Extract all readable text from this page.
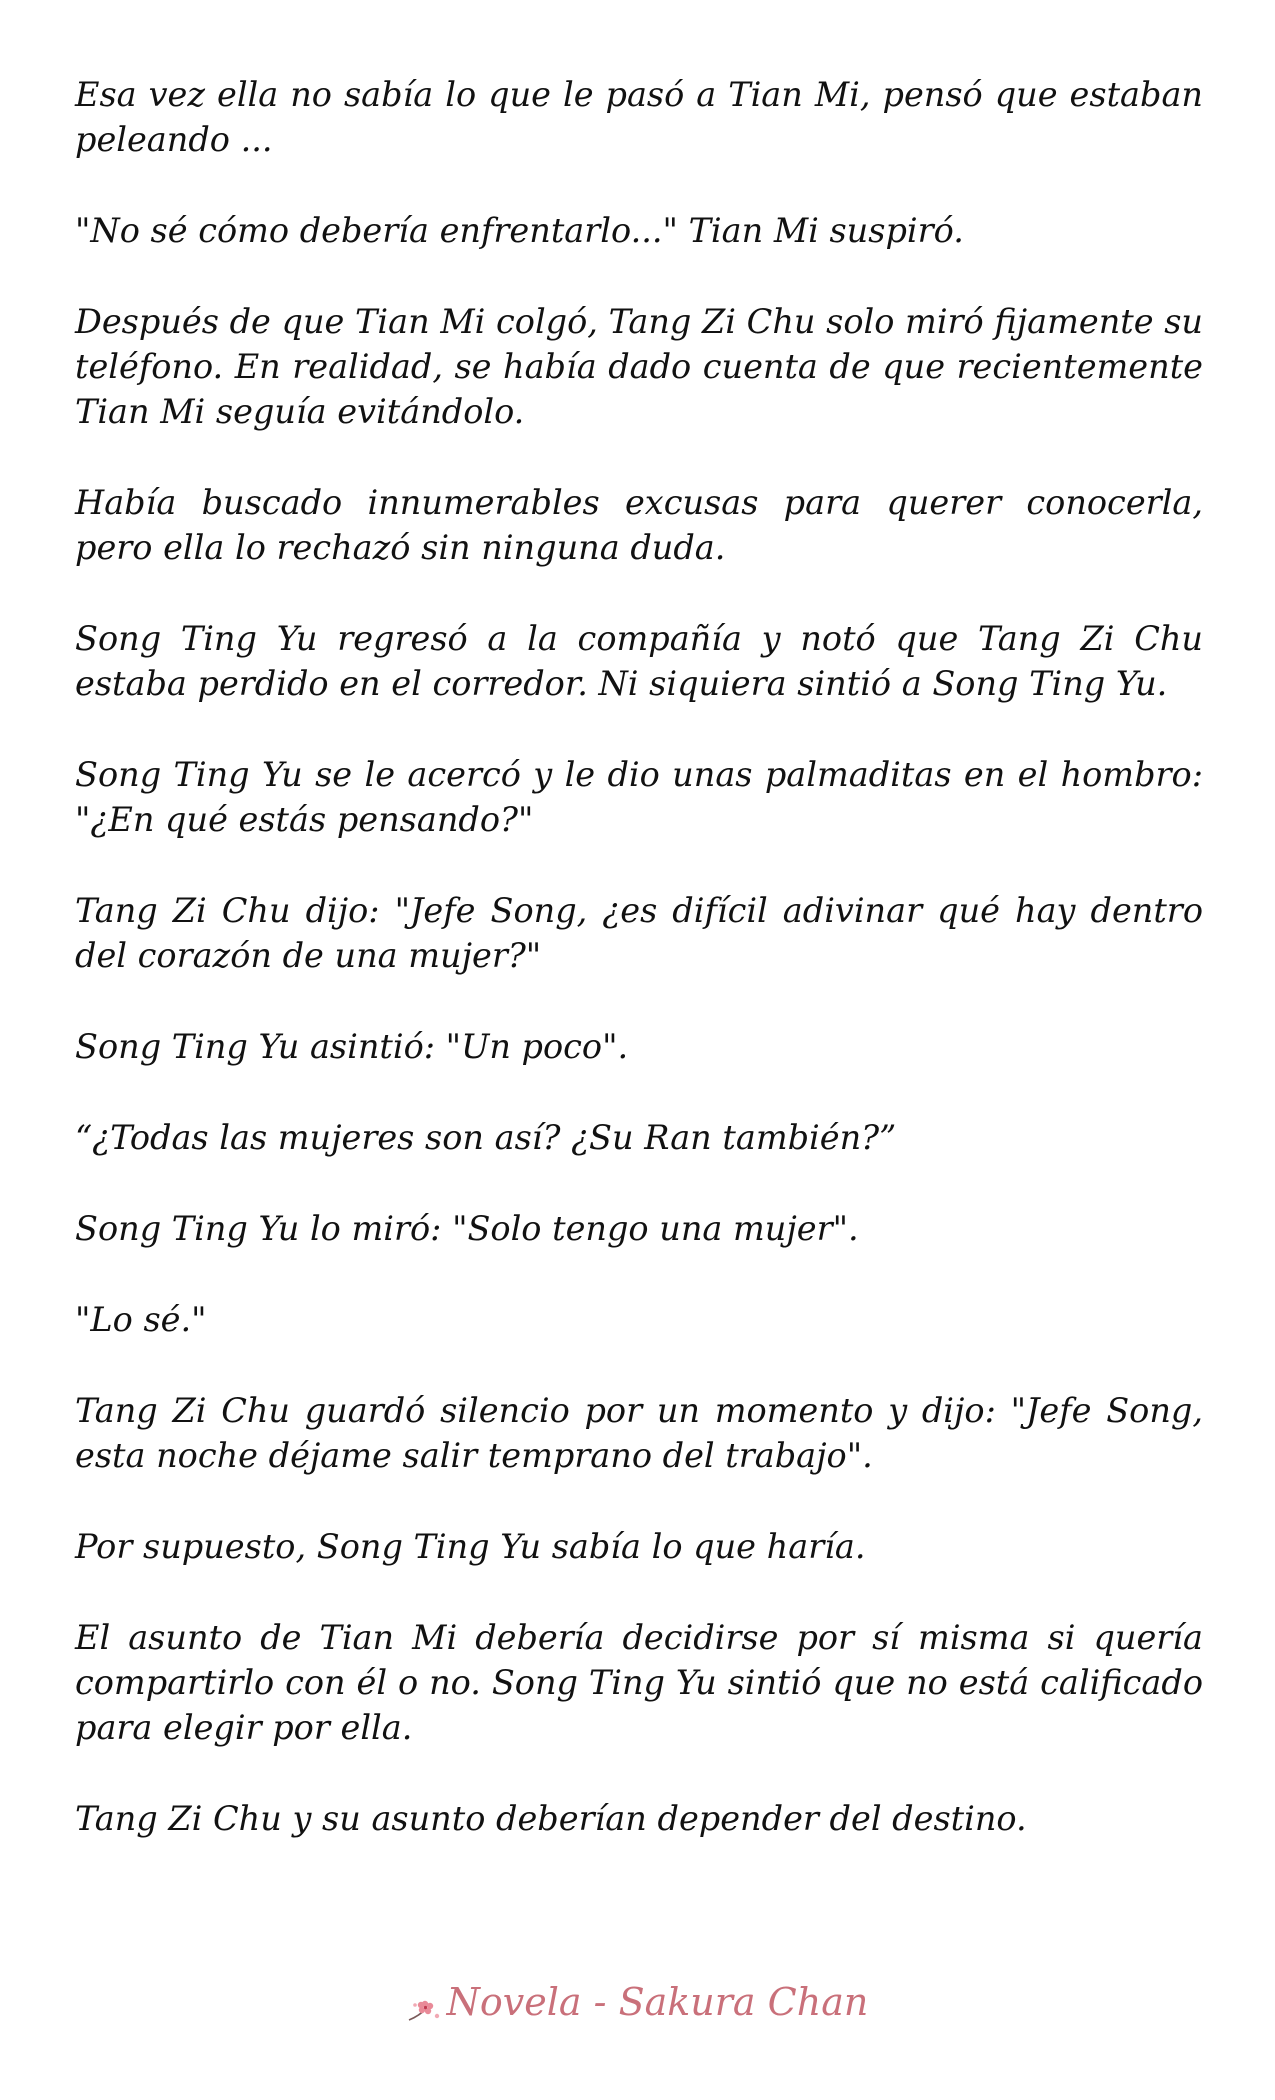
Esa vez ella no sabía lo que le pasó a Tian Mi, pensó que estaban peleando ...

"No sé cómo debería enfrentarlo..." Tian Mi suspiró.

Después de que Tian Mi colgó, Tang Zi Chu solo miró fijamente su teléfono. En realidad, se había dado cuenta de que recientemente Tian Mi seguía evitándolo.

Había buscado innumerables excusas para querer conocerla, pero ella lo rechazó sin ninguna duda.

Song Ting Yu regresó a la compañía y notó que Tang Zi Chu estaba perdido en el corredor. Ni siquiera sintió a Song Ting Yu.

Song Ting Yu se le acercó y le dio unas palmaditas en el hombro: "¿En qué estás pensando?"

Tang Zi Chu dijo: "Jefe Song, ¿es difícil adivinar qué hay dentro del corazón de una mujer?"

Song Ting Yu asintió: "Un poco".

“¿Todas las mujeres son así? ¿Su Ran también?”

Song Ting Yu lo miró: "Solo tengo una mujer".

"Lo sé."

Tang Zi Chu guardó silencio por un momento y dijo: "Jefe Song, esta noche déjame salir temprano del trabajo".

Por supuesto, Song Ting Yu sabía lo que haría.

El asunto de Tian Mi debería decidirse por sí misma si quería compartirlo con él o no. Song Ting Yu sintió que no está calificado para elegir por ella.

Tang Zi Chu y su asunto deberían depender del destino.

Novela - Sakura Chan
